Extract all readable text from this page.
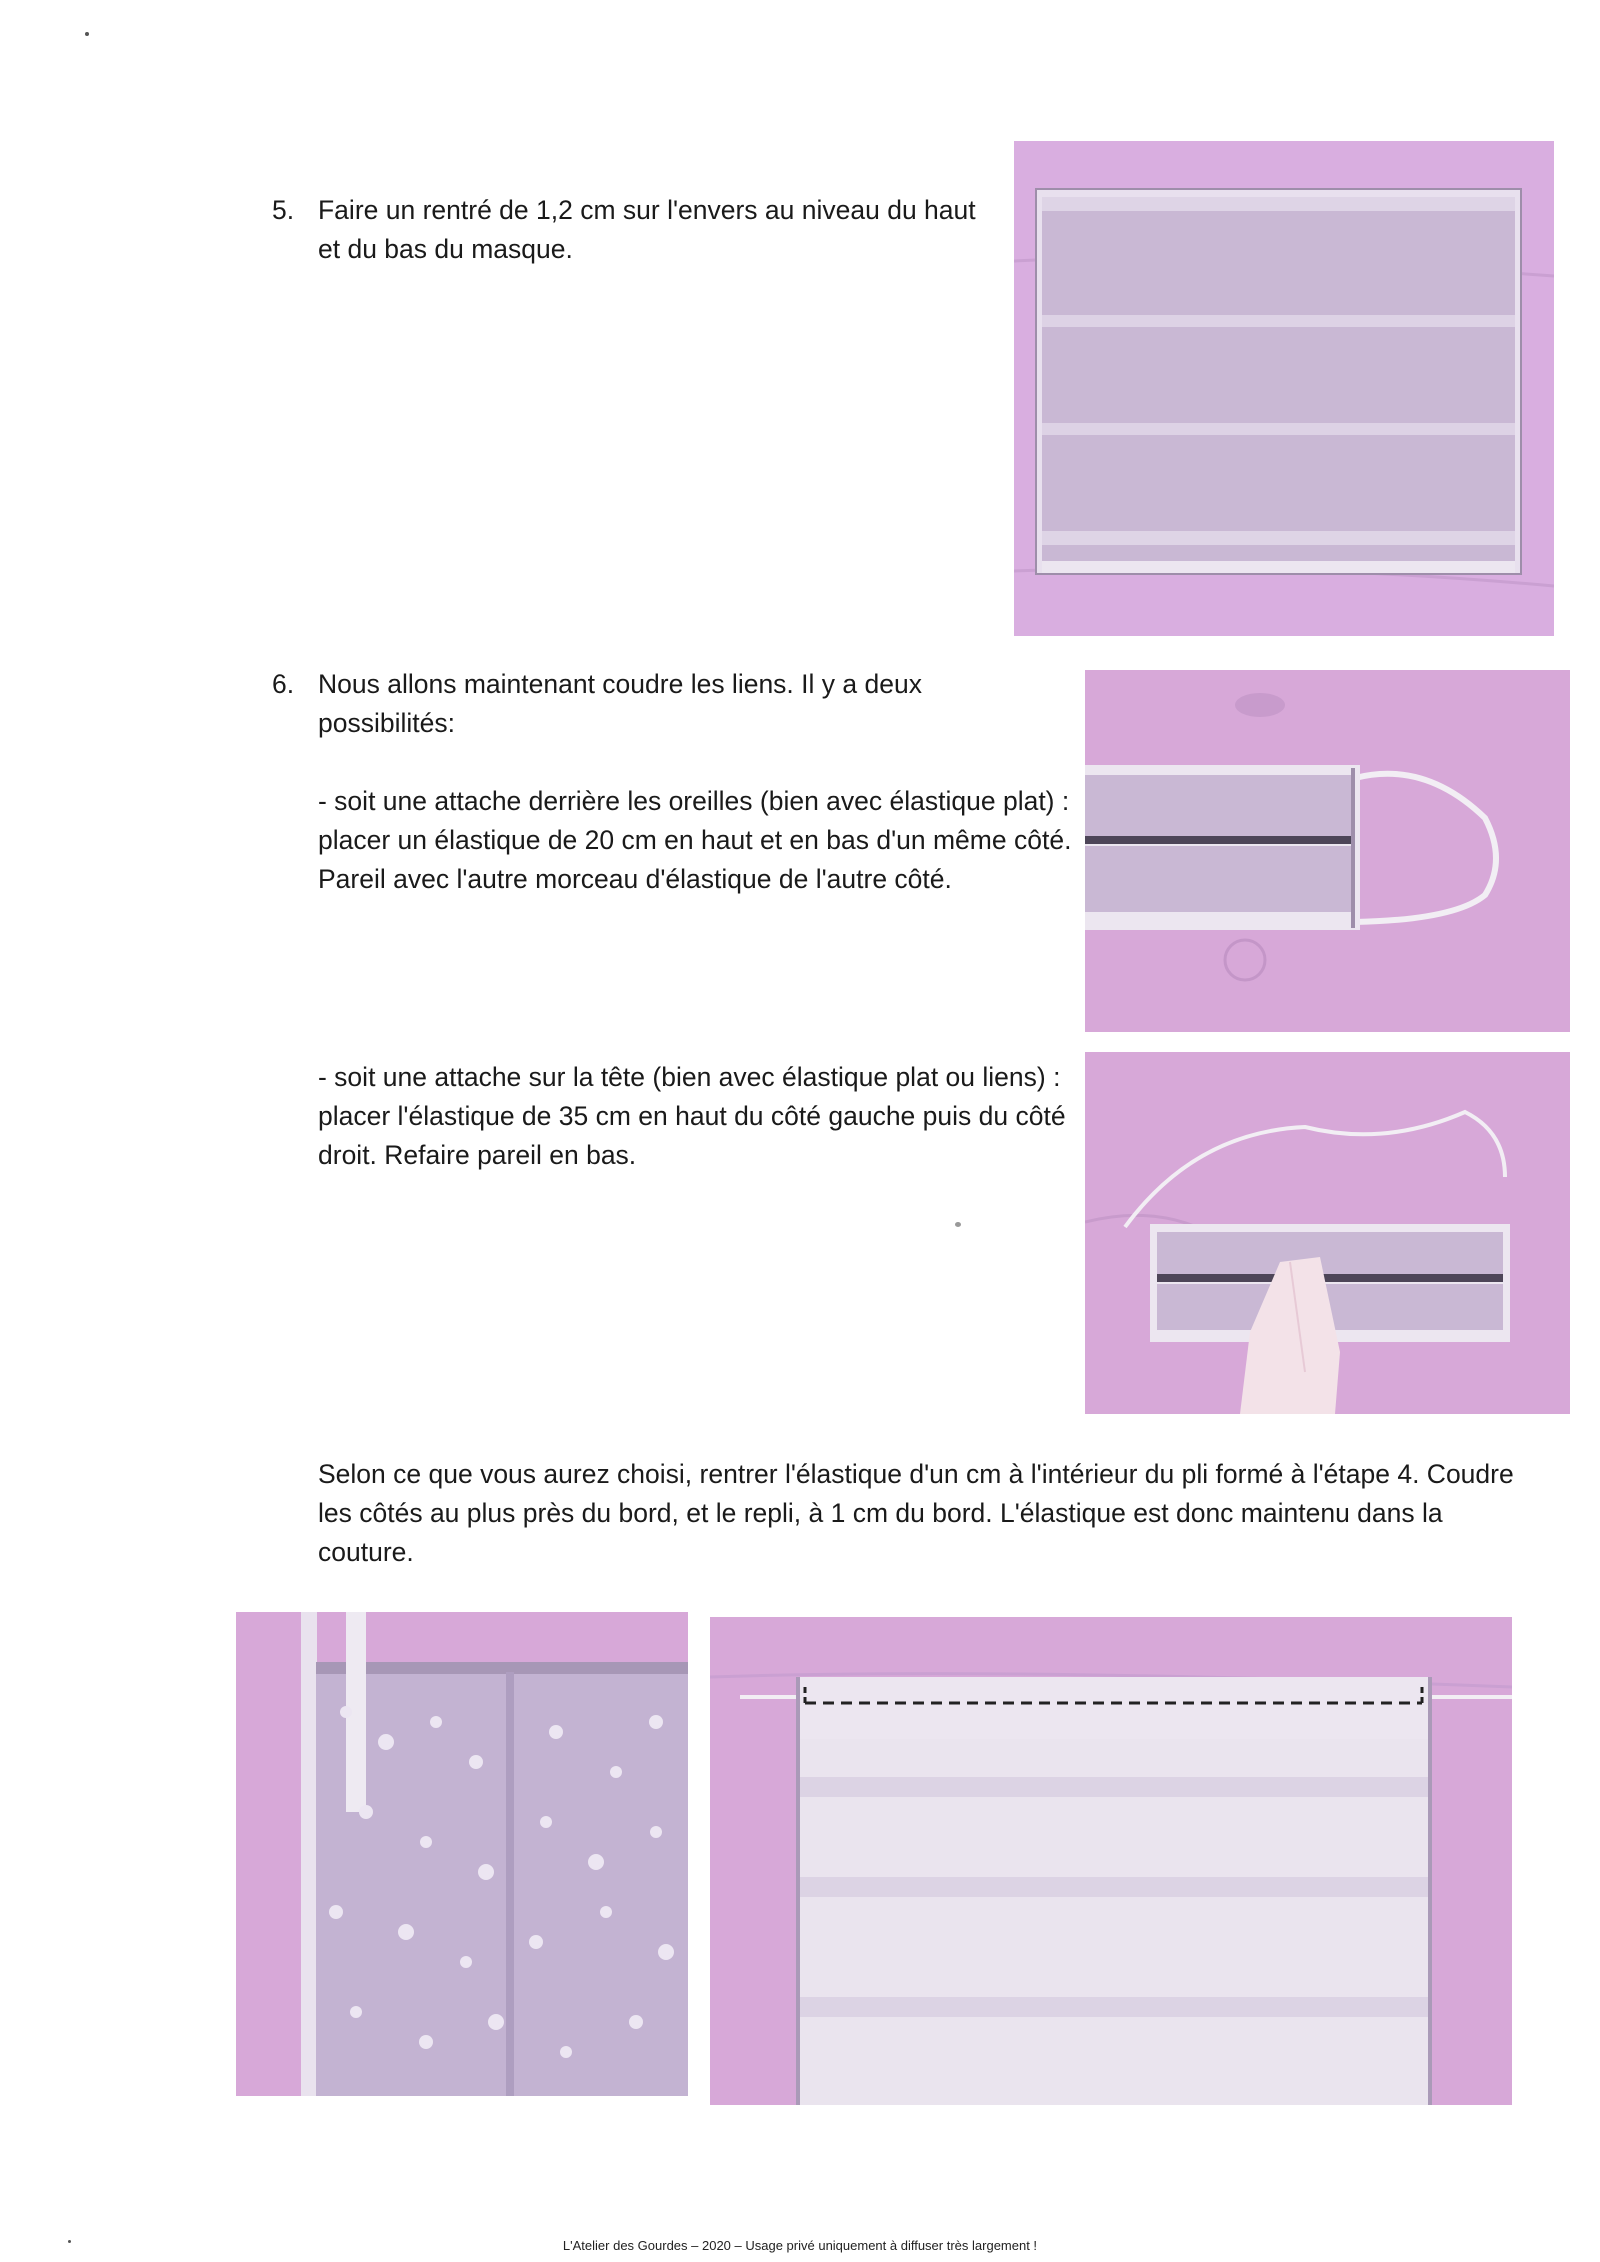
5. Faire un rentré de 1,2 cm sur l'envers au niveau du haut et du bas du masque.

6. Nous allons maintenant coudre les liens. Il y a deux possibilités:

- soit une attache derrière les oreilles (bien avec élastique plat) : placer un élastique de 20 cm en haut et en bas d'un même côté. Pareil avec l'autre morceau d'élastique de l'autre côté.

- soit une attache sur la tête (bien avec élastique plat ou liens) : placer l'élastique de 35 cm en haut du côté gauche puis du côté droit. Refaire pareil en bas.

Selon ce que vous aurez choisi, rentrer l'élastique d'un cm à l'intérieur du pli formé à l'étape 4. Coudre les côtés au plus près du bord, et le repli, à 1 cm du bord. L'élastique est donc maintenu dans la couture.

L'Atelier des Gourdes – 2020 – Usage privé uniquement à diffuser très largement !
